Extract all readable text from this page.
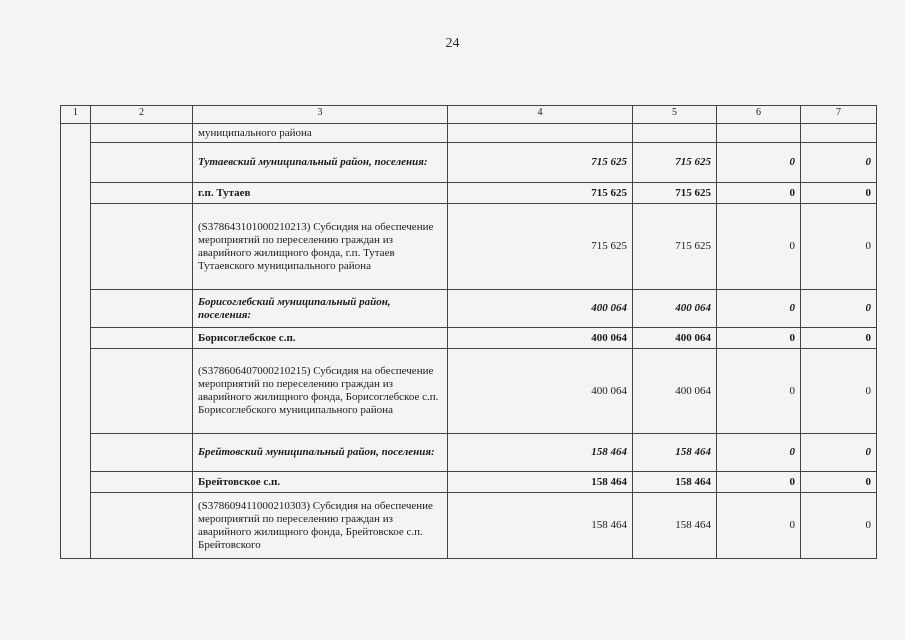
24
1	2	3	4	5	6	7
		муниципального района				
		Тутаевский муниципальный район, поселения:	715 625	715 625	0	0
		г.п. Тутаев	715 625	715 625	0	0
		(S378643101000210213) Субсидия на обеспечение мероприятий по переселению граждан из аварийного жилищного фонда, г.п. Тутаев Тутаевского муниципального района	715 625	715 625	0	0
		Борисоглебский муниципальный район, поселения:	400 064	400 064	0	0
		Борисоглебское с.п.	400 064	400 064	0	0
		(S378606407000210215) Субсидия на обеспечение мероприятий по переселению граждан из аварийного жилищного фонда, Борисоглебское с.п. Борисоглебского муниципального района	400 064	400 064	0	0
		Брейтовский муниципальный район, поселения:	158 464	158 464	0	0
		Брейтовское с.п.	158 464	158 464	0	0
		(S378609411000210303) Субсидия на обеспечение мероприятий по переселению граждан из аварийного жилищного фонда, Брейтовское с.п. Брейтовского	158 464	158 464	0	0
